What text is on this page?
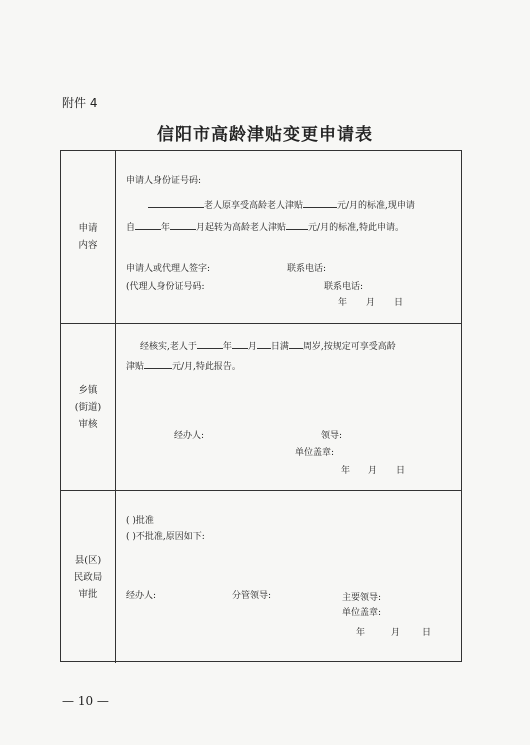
附件 4
信阳市高龄津贴变更申请表
申请
内容
申请人身份证号码:
老人原享受高龄老人津贴	元/月的标准,现申请
自	年	月起转为高龄老人津贴 元/月的标准,特此申请。
申请人或代理人签字:	联系电话:
(代理人身份证号码:	联系电话:
年 月 日
乡镇
(街道)
审核
经核实,老人于	年 月 日满 周岁,按规定可享受高龄
津贴	元/月,特此报告。
经办人:	领导:
单位盖章:
年 月 日
县(区)
民政局
审批
( )批准
( )不批准,原因如下:
经办人:	分管领导:	主要领导:
单位盖章:
年	月 日
— 10 —
